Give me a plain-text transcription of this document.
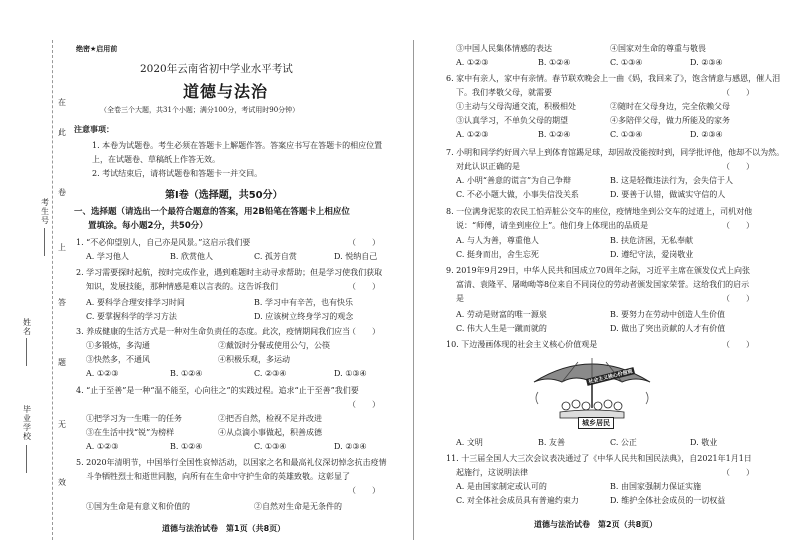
考生号
姓名
毕业学校
在
此
卷
上
答
题
无
效
绝密★启用前
2020年云南省初中学业水平考试
道德与法治
（全卷三个大题，共31个小题；满分100分，考试用时90分钟）
注意事项：
1. 本卷为试题卷。考生必须在答题卡上解题作答。答案应书写在答题卡的相应位置
上，在试题卷、草稿纸上作答无效。
2. 考试结束后，请将试题卷和答题卡一并交回。
第Ⅰ卷（选择题，共50分）
一、选择题（请选出一个最符合题意的答案，用2B铅笔在答题卡上相应位
置填涂。每小题2分，共50分）
1. “不必仰望别人，自己亦是风景。”这启示我们要	（　　）
A. 学习他人	B. 欣赏他人	C. 孤芳自赏	D. 悦纳自己
2. 学习需要探时起航，按时完成作业，遇到难题时主动寻求帮助；但是学习使我们获取
知识，发展技能，那种情感是难以言表的。这告诉我们	（　　）
A. 要科学合理安排学习时间	B. 学习中有辛苦，也有快乐
C. 要掌握科学的学习方法	D. 应该树立终身学习的观念
3. 养成健康的生活方式是一种对生命负责任的态度。此次，疫情期间我们应当
（　　）
①多锻炼，多沟通	②戴饭时分餐或使用公勺，公筷
③快然多，不通风	④积极乐观，多运动
A. ①②③	B. ①②④	C. ②③④	D. ①③④
4. “止于至善”是一种“温不能至，心向往之”的实践过程。追求“止于至善”我们要
（　　）
①把学习为一生唯一的任务	②把否自然，检视不足并改进
③在生活中找“锐”为榜样	④从点滴小事做起，积善成德
A. ①②③	B. ①②④	C. ①③④	D. ②③④
5. 2020年清明节，中国举行全国性哀悼活动，以国家之名和最高礼仪深切悼念抗击疫情
斗争牺牲烈士和逝世同胞，向所有在生命中守护生命的英雄致敬。这彰显了
（　　）
①国为生命是有意义和价值的	②自然对生命是无条件的
道德与法治试卷　第1页（共8页）
③中国人民集体情感的表达	④国家对生命的尊重与敬畏
A. ①②③	B. ①②④	C. ①③④	D. ②③④
6. 家中有亲人，家中有亲情。春节联欢晚会上一曲《妈，我回来了》，饱含情意与感恩，催人泪
下。我们孝敬父母，就需要	（　　）
①主动与父母沟通交流，积极相处	②随时在父母身边，完全依赖父母
③认真学习，不单负父母的期望	④多陪伴父母，做力所能及的家务
A. ①②③	B. ①②④	C. ①③④	D. ②③④
7. 小明和同学约好周六早上到体育馆踢足球，却因故没能按时到，同学批评他，他却不以为然。
对此认识正确的是	（　　）
A. 小明“善意的谎言”为自己争辩	B. 这是轻微违法行为，会失信于人
C. 不必小题大做，小事失信没关系	D. 要善于认错，做诚实守信的人
8. 一位满身泥浆的农民工怕弄脏公交车的座位，疫情地坐到公交车的过道上，司机对他
说：“师傅，请坐到座位上”。他们身上体现出的品质是	（　　）
A. 与人为善，尊重他人	B. 扶危济困，无私奉献
C. 挺身而出，舍生忘死	D. 遵纪守法，爱岗敬业
9. 2019年9月29日，中华人民共和国成立70周年之际，习近平主席在颁发仪式上向张
富清、袁隆平、屠呦呦等8位来自不同岗位的劳动者颁发国家荣誉。这给我们的启示
是	（　　）
A. 劳动是财富的唯一源泉	B. 要努力在劳动中创造人生价值
C. 伟大人生是一蹴而就的	D. 做出了突出贡献的人才有价值
10. 下边漫画体现的社会主义核心价值观是	（　　）
社会主义核心价值观
城乡居民
A. 文明	B. 友善	C. 公正	D. 敬业
11. 十三届全国人大三次会议表决通过了《中华人民共和国民法典》，自2021年1月1日
起施行，这说明法律	（　　）
A. 是由国家制定或认可的	B. 由国家强制力保证实施
C. 对全体社会成员具有普遍约束力	D. 维护全体社会成员的一切权益
道德与法治试卷　第2页（共8页）
